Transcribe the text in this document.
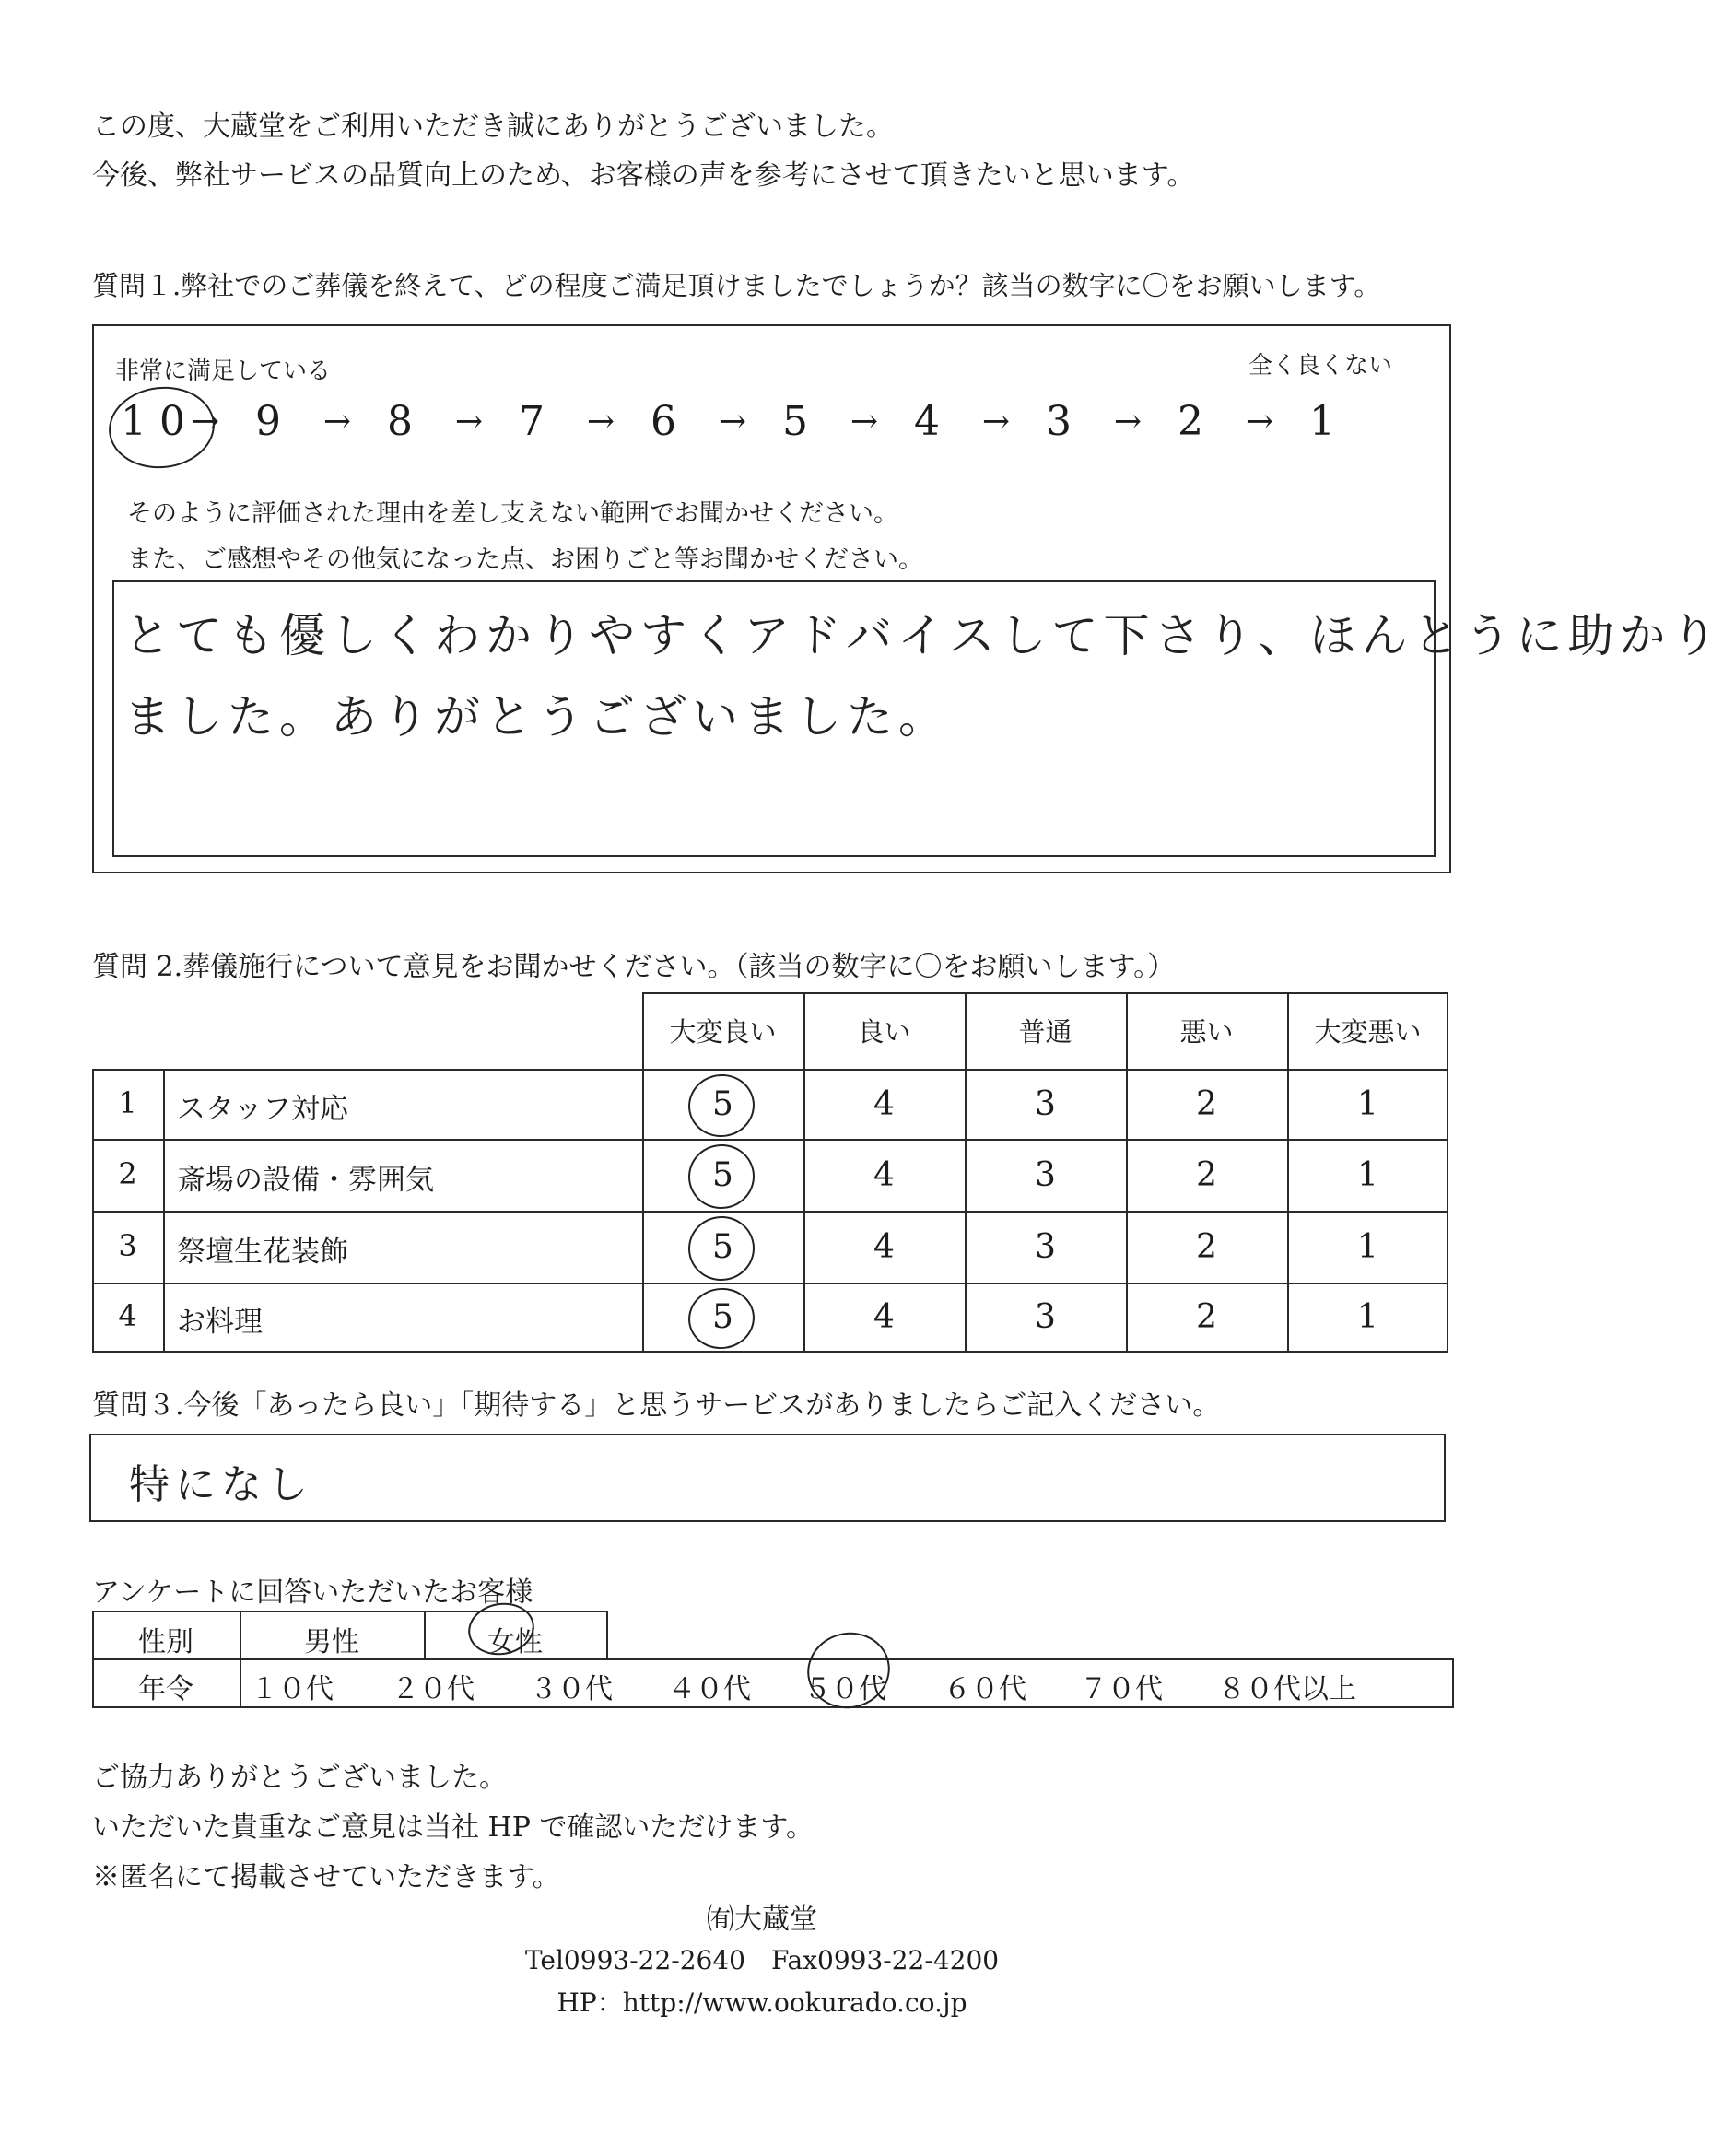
この度、大蔵堂をご利用いただき誠にありがとうございました。
今後、弊社サービスの品質向上のため、お客様の声を参考にさせて頂きたいと思います。
質問１.弊社でのご葬儀を終えて、どの程度ご満足頂けましたでしょうか？該当の数字に〇をお願いします。
非常に満足している	全く良くない
10
→ 9	→ 8	→ 7	→ 6	→ 5	→ 4	→ 3	→ 2	→ 1
そのように評価された理由を差し支えない範囲でお聞かせください。
また、ご感想やその他気になった点、お困りごと等お聞かせください。
とても優しくわかりやすくアドバイスして下さり、ほんとうに助かり
ました。ありがとうございました。
質問 2.葬儀施行について意見をお聞かせください。（該当の数字に〇をお願いします。）
大変良い	良い	普通	悪い	大変悪い
1	スタッフ対応	5	4	3	2	1
2	斎場の設備・雰囲気	5	4	3	2	1
3	祭壇生花装飾	5	4	3	2	1
4	お料理	5	4	3	2	1
質問３.今後「あったら良い」「期待する」と思うサービスがありましたらご記入ください。
特になし
アンケートに回答いただいたお客様
性別	男性	女性
年令	１０代 ２０代 ３０代 ４０代 ５０代 ６０代 ７０代 ８０代以上
ご協力ありがとうございました。
いただいた貴重なご意見は当社 HP で確認いただけます。
※匿名にて掲載させていただきます。
㈲大蔵堂
Tel0993-22-2640　Fax0993-22-4200
HP：http://www.ookurado.co.jp
